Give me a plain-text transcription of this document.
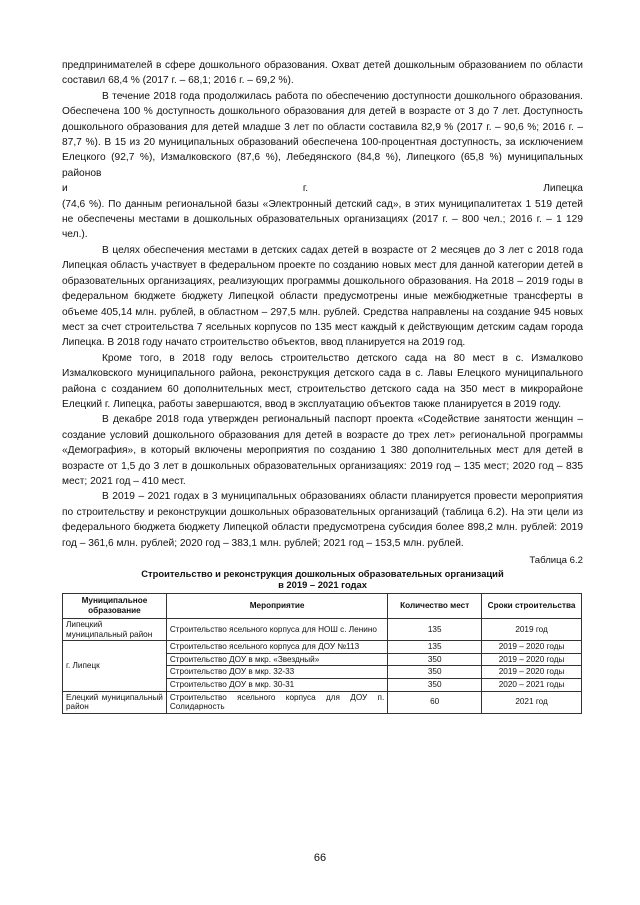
предпринимателей в сфере дошкольного образования. Охват детей дошкольным образованием по области составил 68,4 % (2017 г. – 68,1; 2016 г. – 69,2 %).

В течение 2018 года продолжилась работа по обеспечению доступности дошкольного образования. Обеспечена 100 % доступность дошкольного образования для детей в возрасте от 3 до 7 лет. Доступность дошкольного образования для детей младше 3 лет по области составила 82,9 % (2017 г. – 90,6 %; 2016 г. – 87,7 %). В 15 из 20 муниципальных образований обеспечена 100-процентная доступность, за исключением Елецкого (92,7 %), Измалковского (87,6 %), Лебедянского (84,8 %), Липецкого (65,8 %) муниципальных районов

и	г.	Липецка

(74,6 %). По данным региональной базы «Электронный детский сад», в этих муниципалитетах 1 519 детей не обеспечены местами в дошкольных образовательных организациях (2017 г. – 800 чел.; 2016 г. – 1 129 чел.).

В целях обеспечения местами в детских садах детей в возрасте от 2 месяцев до 3 лет с 2018 года Липецкая область участвует в федеральном проекте по созданию новых мест для данной категории детей в образовательных организациях, реализующих программы дошкольного образования. На 2018 – 2019 годы в федеральном бюджете бюджету Липецкой области предусмотрены иные межбюджетные трансферты в объеме 405,14 млн. рублей, в областном – 297,5 млн. рублей. Средства направлены на создание 945 новых мест за счет строительства 7 ясельных корпусов по 135 мест каждый к действующим детским садам города Липецка. В 2018 году начато строительство объектов, ввод планируется на 2019 год.

Кроме того, в 2018 году велось строительство детского сада на 80 мест в с. Измалково Измалковского муниципального района, реконструкция детского сада в с. Лавы Елецкого муниципального района с созданием 60 дополнительных мест, строительство детского сада на 350 мест в микрорайоне Елецкий г. Липецка, работы завершаются, ввод в эксплуатацию объектов также планируется в 2019 году.

В декабре 2018 года утвержден региональный паспорт проекта «Содействие занятости женщин – создание условий дошкольного образования для детей в возрасте до трех лет» региональной программы «Демография», в который включены мероприятия по созданию 1 380 дополнительных мест для детей в возрасте от 1,5 до 3 лет в дошкольных образовательных организациях: 2019 год – 135 мест; 2020 год – 835 мест; 2021 год – 410 мест.

В 2019 – 2021 годах в 3 муниципальных образованиях области планируется провести мероприятия по строительству и реконструкции дошкольных образовательных организаций (таблица 6.2). На эти цели из федерального бюджета бюджету Липецкой области предусмотрена субсидия более 898,2 млн. рублей: 2019 год – 361,6 млн. рублей; 2020 год – 383,1 млн. рублей; 2021 год – 153,5 млн. рублей.

Таблица 6.2
Строительство и реконструкция дошкольных образовательных организаций
в 2019 – 2021 годах
Муниципальное образование	Мероприятие	Количество мест	Сроки строительства
Липецкий муниципальный район	Строительство ясельного корпуса для НОШ с. Ленино	135	2019 год
г. Липецк	Строительство ясельного корпуса для ДОУ №113	135	2019 – 2020 годы
	Строительство ДОУ в мкр. «Звездный»	350	2019 – 2020 годы
	Строительство ДОУ в мкр. 32-33	350	2019 – 2020 годы
	Строительство ДОУ в мкр. 30-31	350	2020 – 2021 годы
Елецкий муниципальный район	Строительство ясельного корпуса для ДОУ п. Солидарность	60	2021 год
66
